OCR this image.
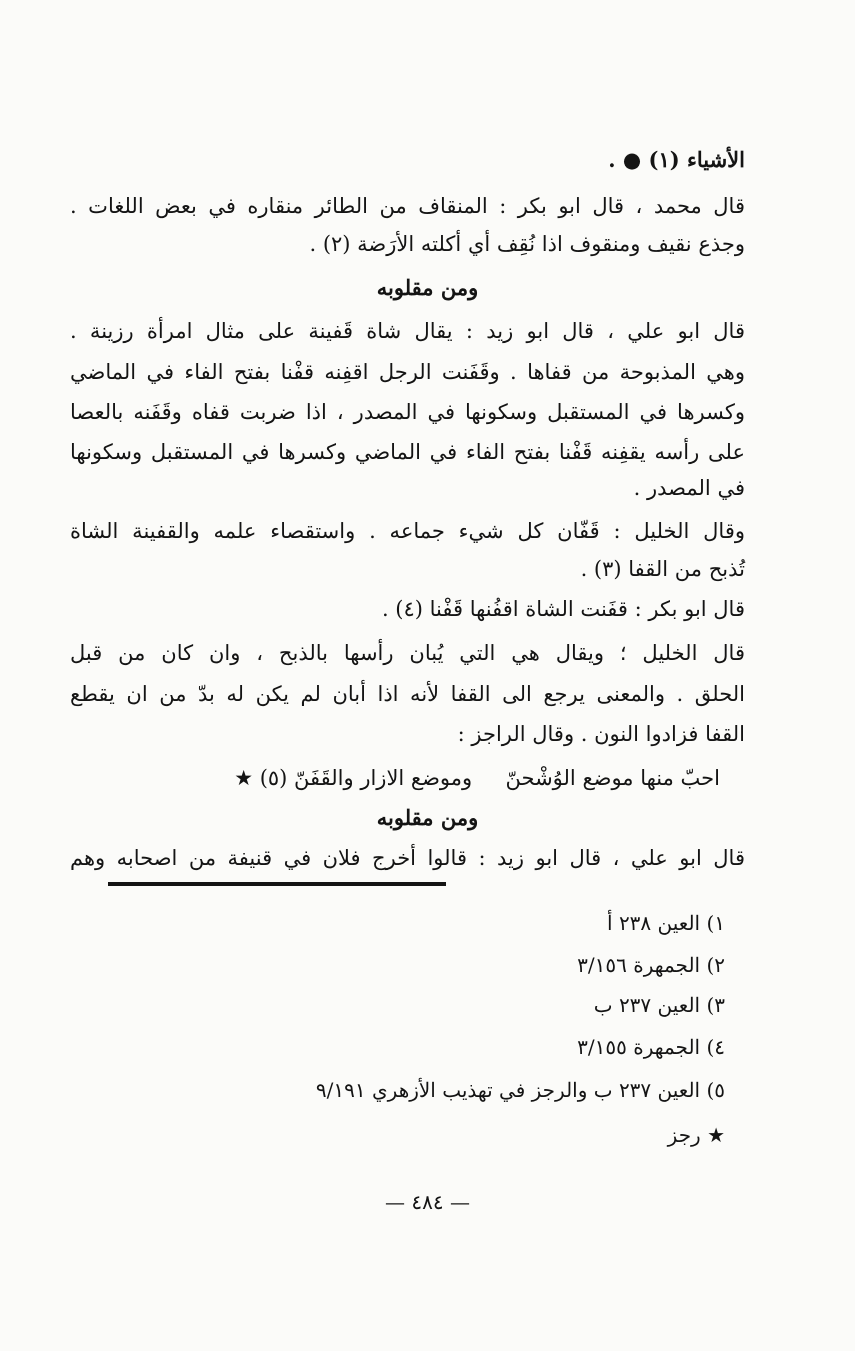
الأشياء (١) ● .
قال محمد ، قال ابو بكر : المنقاف من الطائر منقاره في بعض اللغات .
وجذع نقيف ومنقوف اذا نُقِف أي أكلته الأرَضة (٢) .
ومن مقلوبه
قال ابو علي ، قال ابو زيد : يقال شاة قَفينة على مثال امرأة رزينة .
وهي المذبوحة من قفاها . وقَفَنت الرجل اقفِنه قفْنا بفتح الفاء في الماضي
وكسرها في المستقبل وسكونها في المصدر ، اذا ضربت قفاه وقَفَنه بالعصا
على رأسه يقفِنه قَفْنا بفتح الفاء في الماضي وكسرها في المستقبل وسكونها
في المصدر .
وقال الخليل : قَفّان كل شيء جماعه . واستقصاء علمه والقفينة الشاة
تُذبح من القفا (٣) .
قال ابو بكر : قفَنت الشاة اقفُنها قَفْنا (٤) .
قال الخليل ؛ ويقال هي التي يُبان رأسها بالذبح ، وان كان من قبل
الحلق . والمعنى يرجع الى القفا لأنه اذا أبان لم يكن له بدّ من ان يقطع
القفا فزادوا النون . وقال الراجز :
احبّ منها موضع الوُشْحنّ     وموضع الازار والقَفَنّ (٥) ★
ومن مقلوبه
قال ابو علي ، قال ابو زيد : قالوا أخرج فلان في قنيفة من اصحابه وهم
١) العين ٢٣٨ أ
٢) الجمهرة ٣/١٥٦
٣) العين ٢٣٧ ب
٤) الجمهرة ٣/١٥٥
٥) العين ٢٣٧ ب والرجز في تهذيب الأزهري ٩/١٩١
★ رجز
— ٤٨٤ —
